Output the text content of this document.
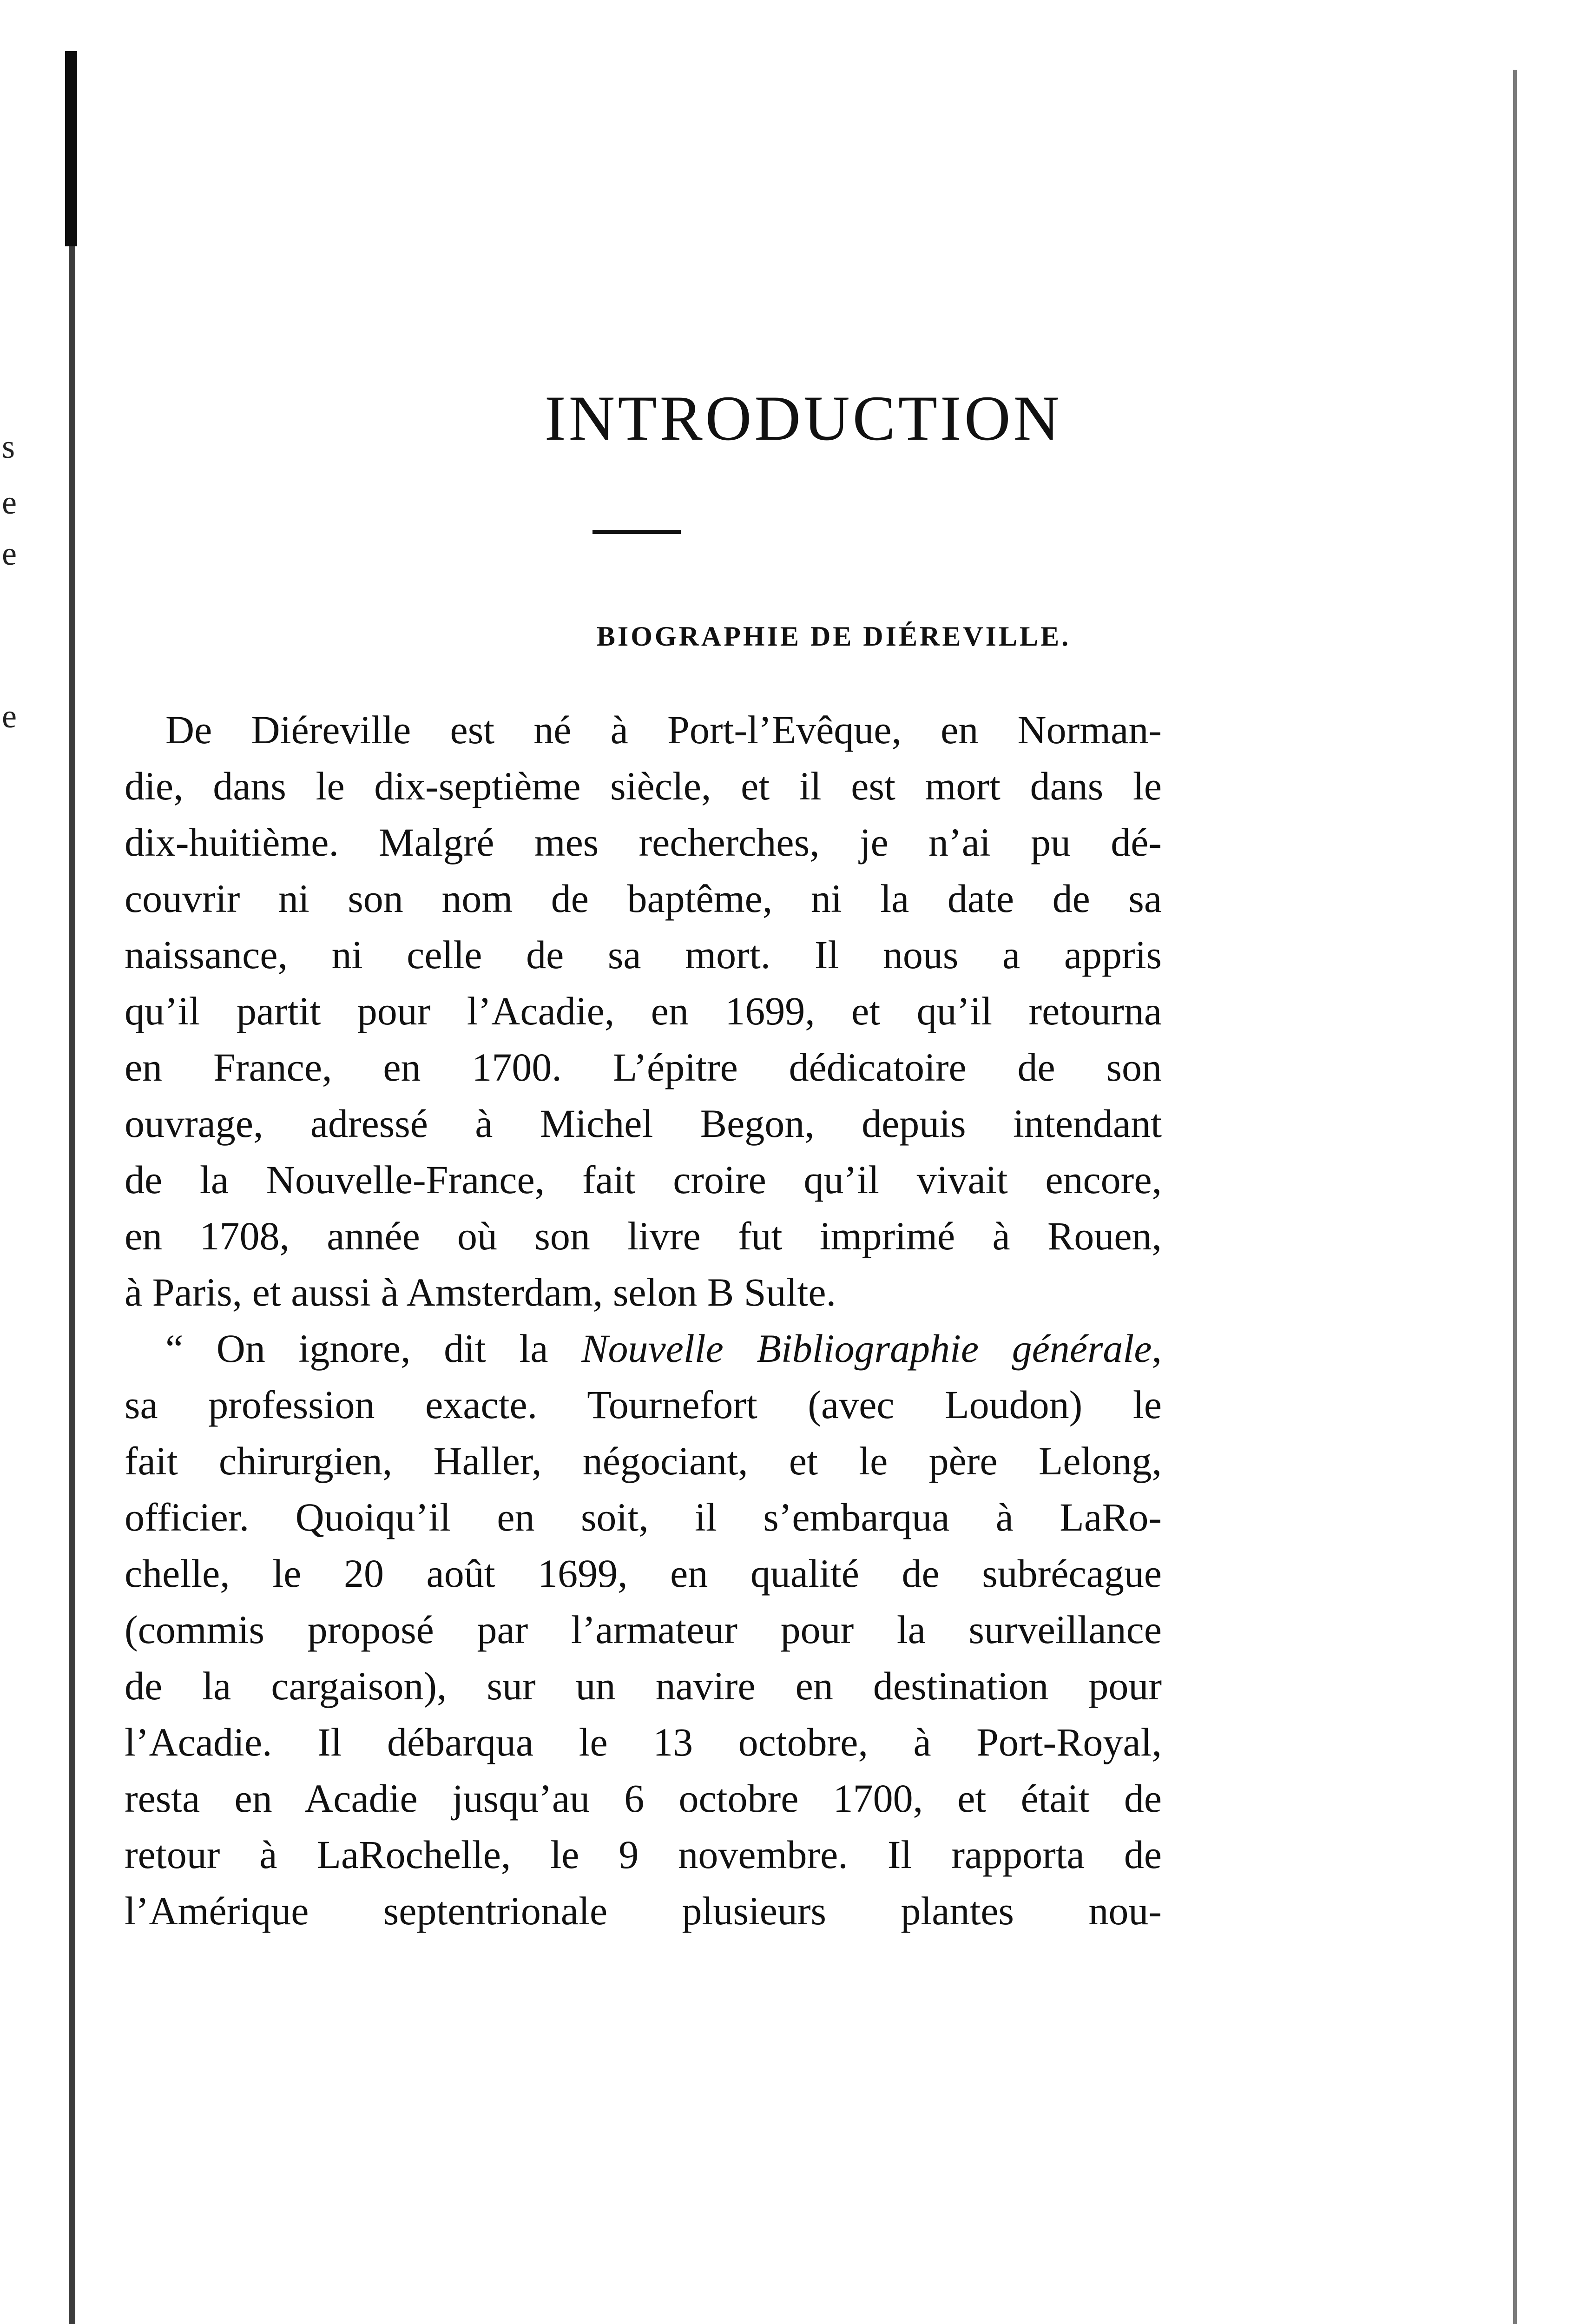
s
e
e
e
INTRODUCTION
BIOGRAPHIE DE DIÉREVILLE.
De Diéreville est né à Port-l’Evêque, en Norman-
die, dans le dix-septième siècle, et il est mort dans le
dix-huitième. Malgré mes recherches, je n’ai pu dé-
couvrir ni son nom de baptême, ni la date de sa
naissance, ni celle de sa mort. Il nous a appris
qu’il partit pour l’Acadie, en 1699, et qu’il retourna
en France, en 1700. L’épitre dédicatoire de son
ouvrage, adressé à Michel Begon, depuis intendant
de la Nouvelle-France, fait croire qu’il vivait encore,
en 1708, année où son livre fut imprimé à Rouen,
à Paris, et aussi à Amsterdam, selon B Sulte.
“ On ignore, dit la Nouvelle Bibliographie générale,
sa profession exacte. Tournefort (avec Loudon) le
fait chirurgien, Haller, négociant, et le père Lelong,
officier. Quoiqu’il en soit, il s’embarqua à LaRo-
chelle, le 20 août 1699, en qualité de subrécague
(commis proposé par l’armateur pour la surveillance
de la cargaison), sur un navire en destination pour
l’Acadie. Il débarqua le 13 octobre, à Port-Royal,
resta en Acadie jusqu’au 6 octobre 1700, et était de
retour à LaRochelle, le 9 novembre. Il rapporta de
l’Amérique septentrionale plusieurs plantes nou-
